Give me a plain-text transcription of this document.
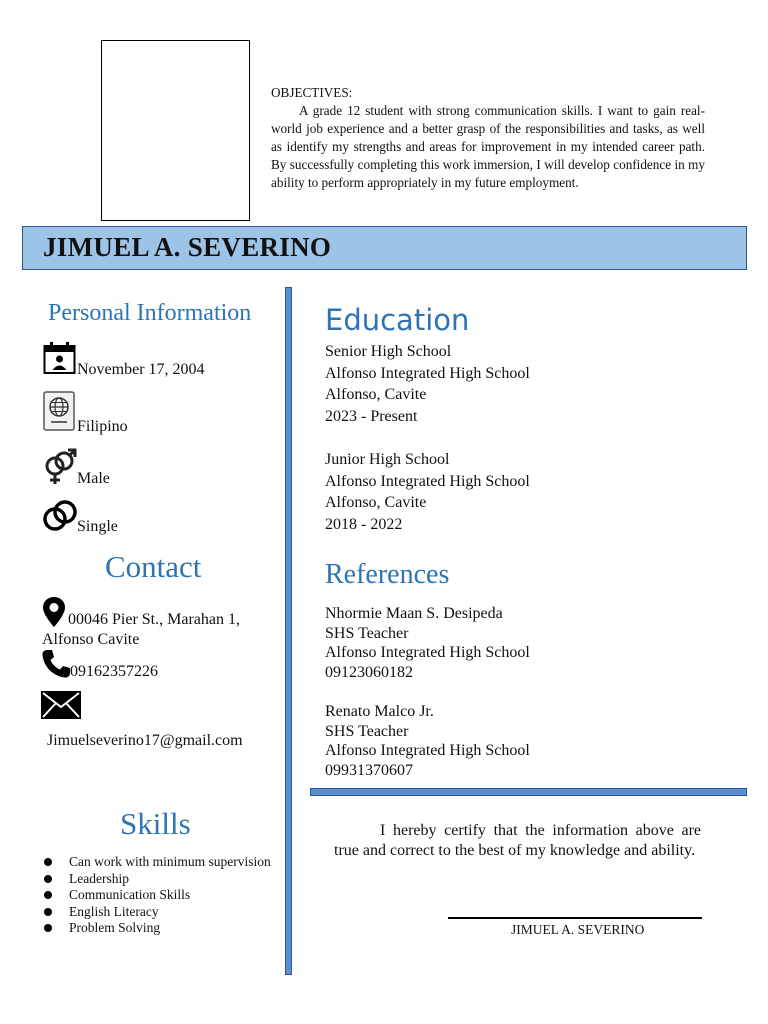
OBJECTIVES:
A grade 12 student with strong communication skills. I want to gain real-world job experience and a better grasp of the responsibilities and tasks, as well as identify my strengths and areas for improvement in my intended career path. By successfully completing this work immersion, I will develop confidence in my ability to perform appropriately in my future employment.
JIMUEL A. SEVERINO
Personal Information
November 17, 2004
Filipino
Male
Single
Contact
00046 Pier St., Marahan 1,
Alfonso Cavite
09162357226
Jimuelseverino17@gmail.com
Skills
Can work with minimum supervision
Leadership
Communication Skills
English Literacy
Problem Solving
Education
Senior High School
Alfonso Integrated High School
Alfonso, Cavite
2023 - Present
Junior High School
Alfonso Integrated High School
Alfonso, Cavite
2018 - 2022
References
Nhormie Maan S. Desipeda
SHS Teacher
Alfonso Integrated High School
09123060182
Renato Malco Jr.
SHS Teacher
Alfonso Integrated High School
09931370607
I hereby certify that the information above are true and correct to the best of my knowledge and ability.
JIMUEL A. SEVERINO
